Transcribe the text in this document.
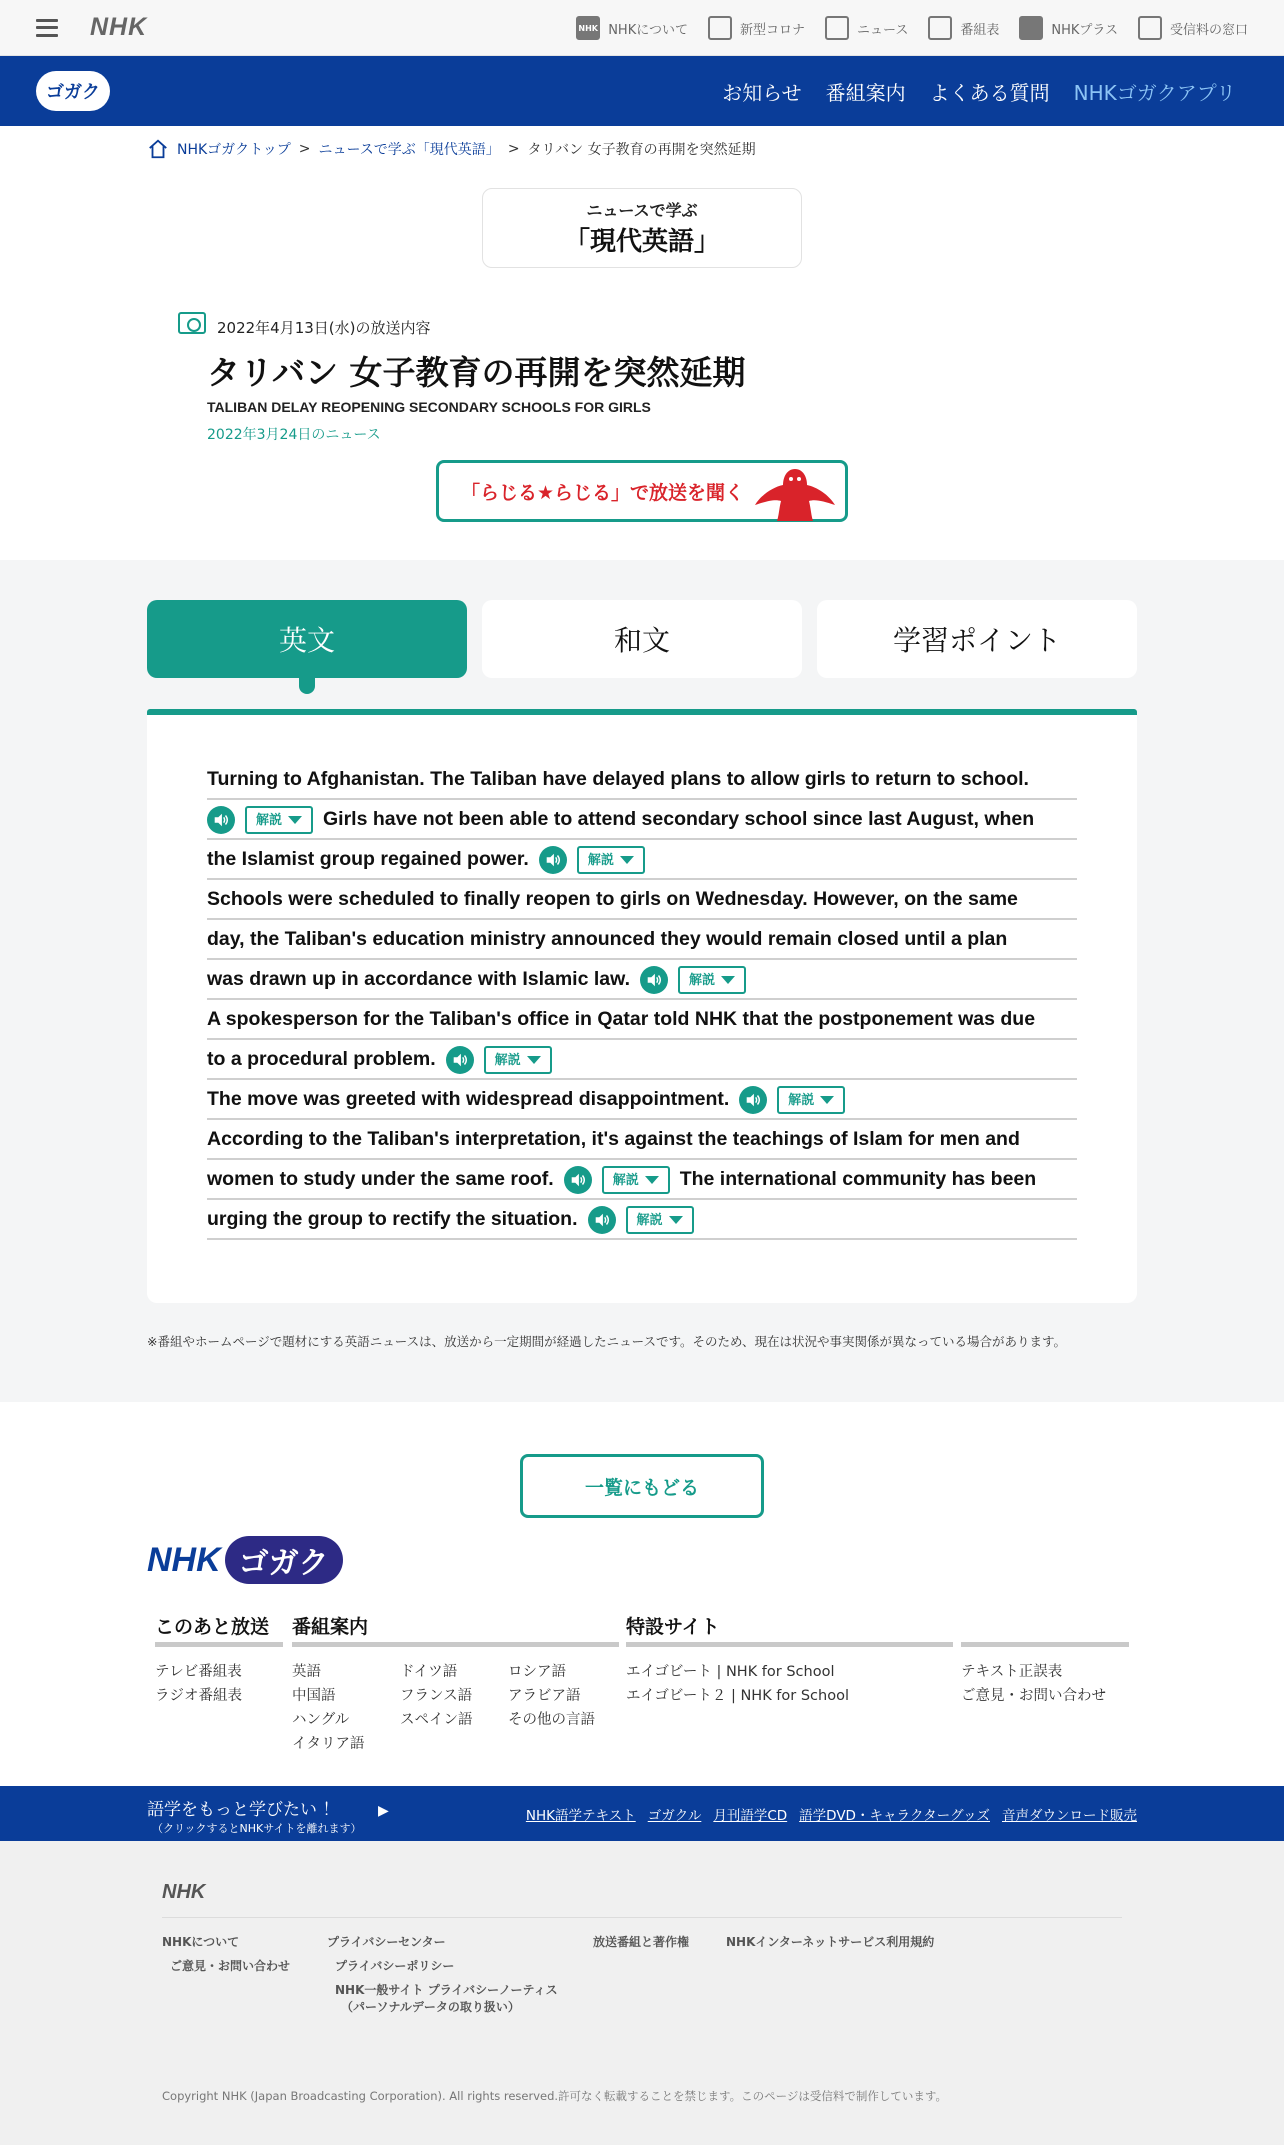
NHK	NHK NHKについて	新型コロナ	ニュース	番組表	NHKプラス	受信料の窓口
ゴガク	お知らせ 番組案内 よくある質問 NHKゴガクアプリ
NHKゴガクトップ > ニュースで学ぶ「現代英語」 > タリバン 女子教育の再開を突然延期
ニュースで学ぶ
「現代英語」
2022年4月13日(水)の放送内容
タリバン 女子教育の再開を突然延期
TALIBAN DELAY REOPENING SECONDARY SCHOOLS FOR GIRLS
2022年3月24日のニュース
「らじる★らじる」で放送を聞く
英文	和文	学習ポイント
Turning to Afghanistan. The Taliban have delayed plans to allow girls to return to school.
解説 Girls have not been able to attend secondary school since last August, when
the Islamist group regained power.	解説
Schools were scheduled to finally reopen to girls on Wednesday. However, on the same
day, the Taliban's education ministry announced they would remain closed until a plan
was drawn up in accordance with Islamic law.	解説
A spokesperson for the Taliban's office in Qatar told NHK that the postponement was due
to a procedural problem.	解説
The move was greeted with widespread disappointment.	解説
According to the Taliban's interpretation, it's against the teachings of Islam for men and
women to study under the same roof.	解説 The international community has been
urging the group to rectify the situation.	解説
※番組やホームページで題材にする英語ニュースは、放送から一定期間が経過したニュースです。そのため、現在は状況や事実関係が異なっている場合があります。
一覧にもどる
NHK ゴガク
このあと放送
テレビ番組表
ラジオ番組表
番組案内
英語
中国語
ハングル
イタリア語
ドイツ語
フランス語
スペイン語
ロシア語
アラビア語
その他の言語
特設サイト
エイゴビート | NHK for School
エイゴビート２ | NHK for School
テキスト正誤表
ご意見・お問い合わせ
語学をもっと学びたい ！
（クリックするとNHKサイトを離れます）
▶	NHK語学テキスト ゴガクル 月刊語学CD 語学DVD・キャラクターグッズ 音声ダウンロード販売
NHK
NHKについて
ご意見・お問い合わせ
プライバシーセンター
プライバシーポリシー
NHK一般サイト プライバシーノーティス
（パーソナルデータの取り扱い）
放送番組と著作権	NHKインターネットサービス利用規約
Copyright NHK (Japan Broadcasting Corporation). All rights reserved.許可なく転載することを禁じます。このページは受信料で制作しています。
